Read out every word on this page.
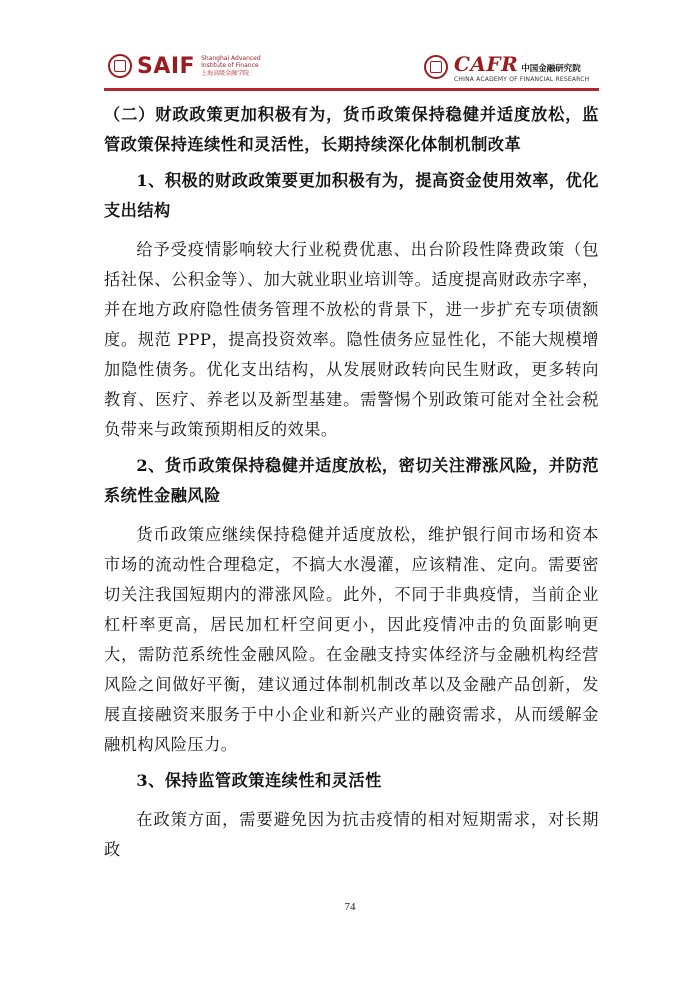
SAIF Shanghai Advanced
Institute of Finance
上海高级金融学院	CAFR 中国金融研究院
CHINA ACADEMY OF FINANCIAL RESEARCH

（二）财政政策更加积极有为，货币政策保持稳健并适度放松，监管政策保持连续性和灵活性，长期持续深化体制机制改革

1、积极的财政政策要更加积极有为，提高资金使用效率，优化支出结构

给予受疫情影响较大行业税费优惠、出台阶段性降费政策（包括社保、公积金等）、加大就业职业培训等。适度提高财政赤字率，并在地方政府隐性债务管理不放松的背景下，进一步扩充专项债额度。规范 PPP，提高投资效率。隐性债务应显性化，不能大规模增加隐性债务。优化支出结构，从发展财政转向民生财政，更多转向教育、医疗、养老以及新型基建。需警惕个别政策可能对全社会税负带来与政策预期相反的效果。

2、货币政策保持稳健并适度放松，密切关注滞涨风险，并防范系统性金融风险

货币政策应继续保持稳健并适度放松，维护银行间市场和资本市场的流动性合理稳定，不搞大水漫灌，应该精准、定向。需要密切关注我国短期内的滞涨风险。此外，不同于非典疫情，当前企业杠杆率更高，居民加杠杆空间更小，因此疫情冲击的负面影响更大，需防范系统性金融风险。在金融支持实体经济与金融机构经营风险之间做好平衡，建议通过体制机制改革以及金融产品创新，发展直接融资来服务于中小企业和新兴产业的融资需求，从而缓解金融机构风险压力。

3、保持监管政策连续性和灵活性

在政策方面，需要避免因为抗击疫情的相对短期需求，对长期政

74
